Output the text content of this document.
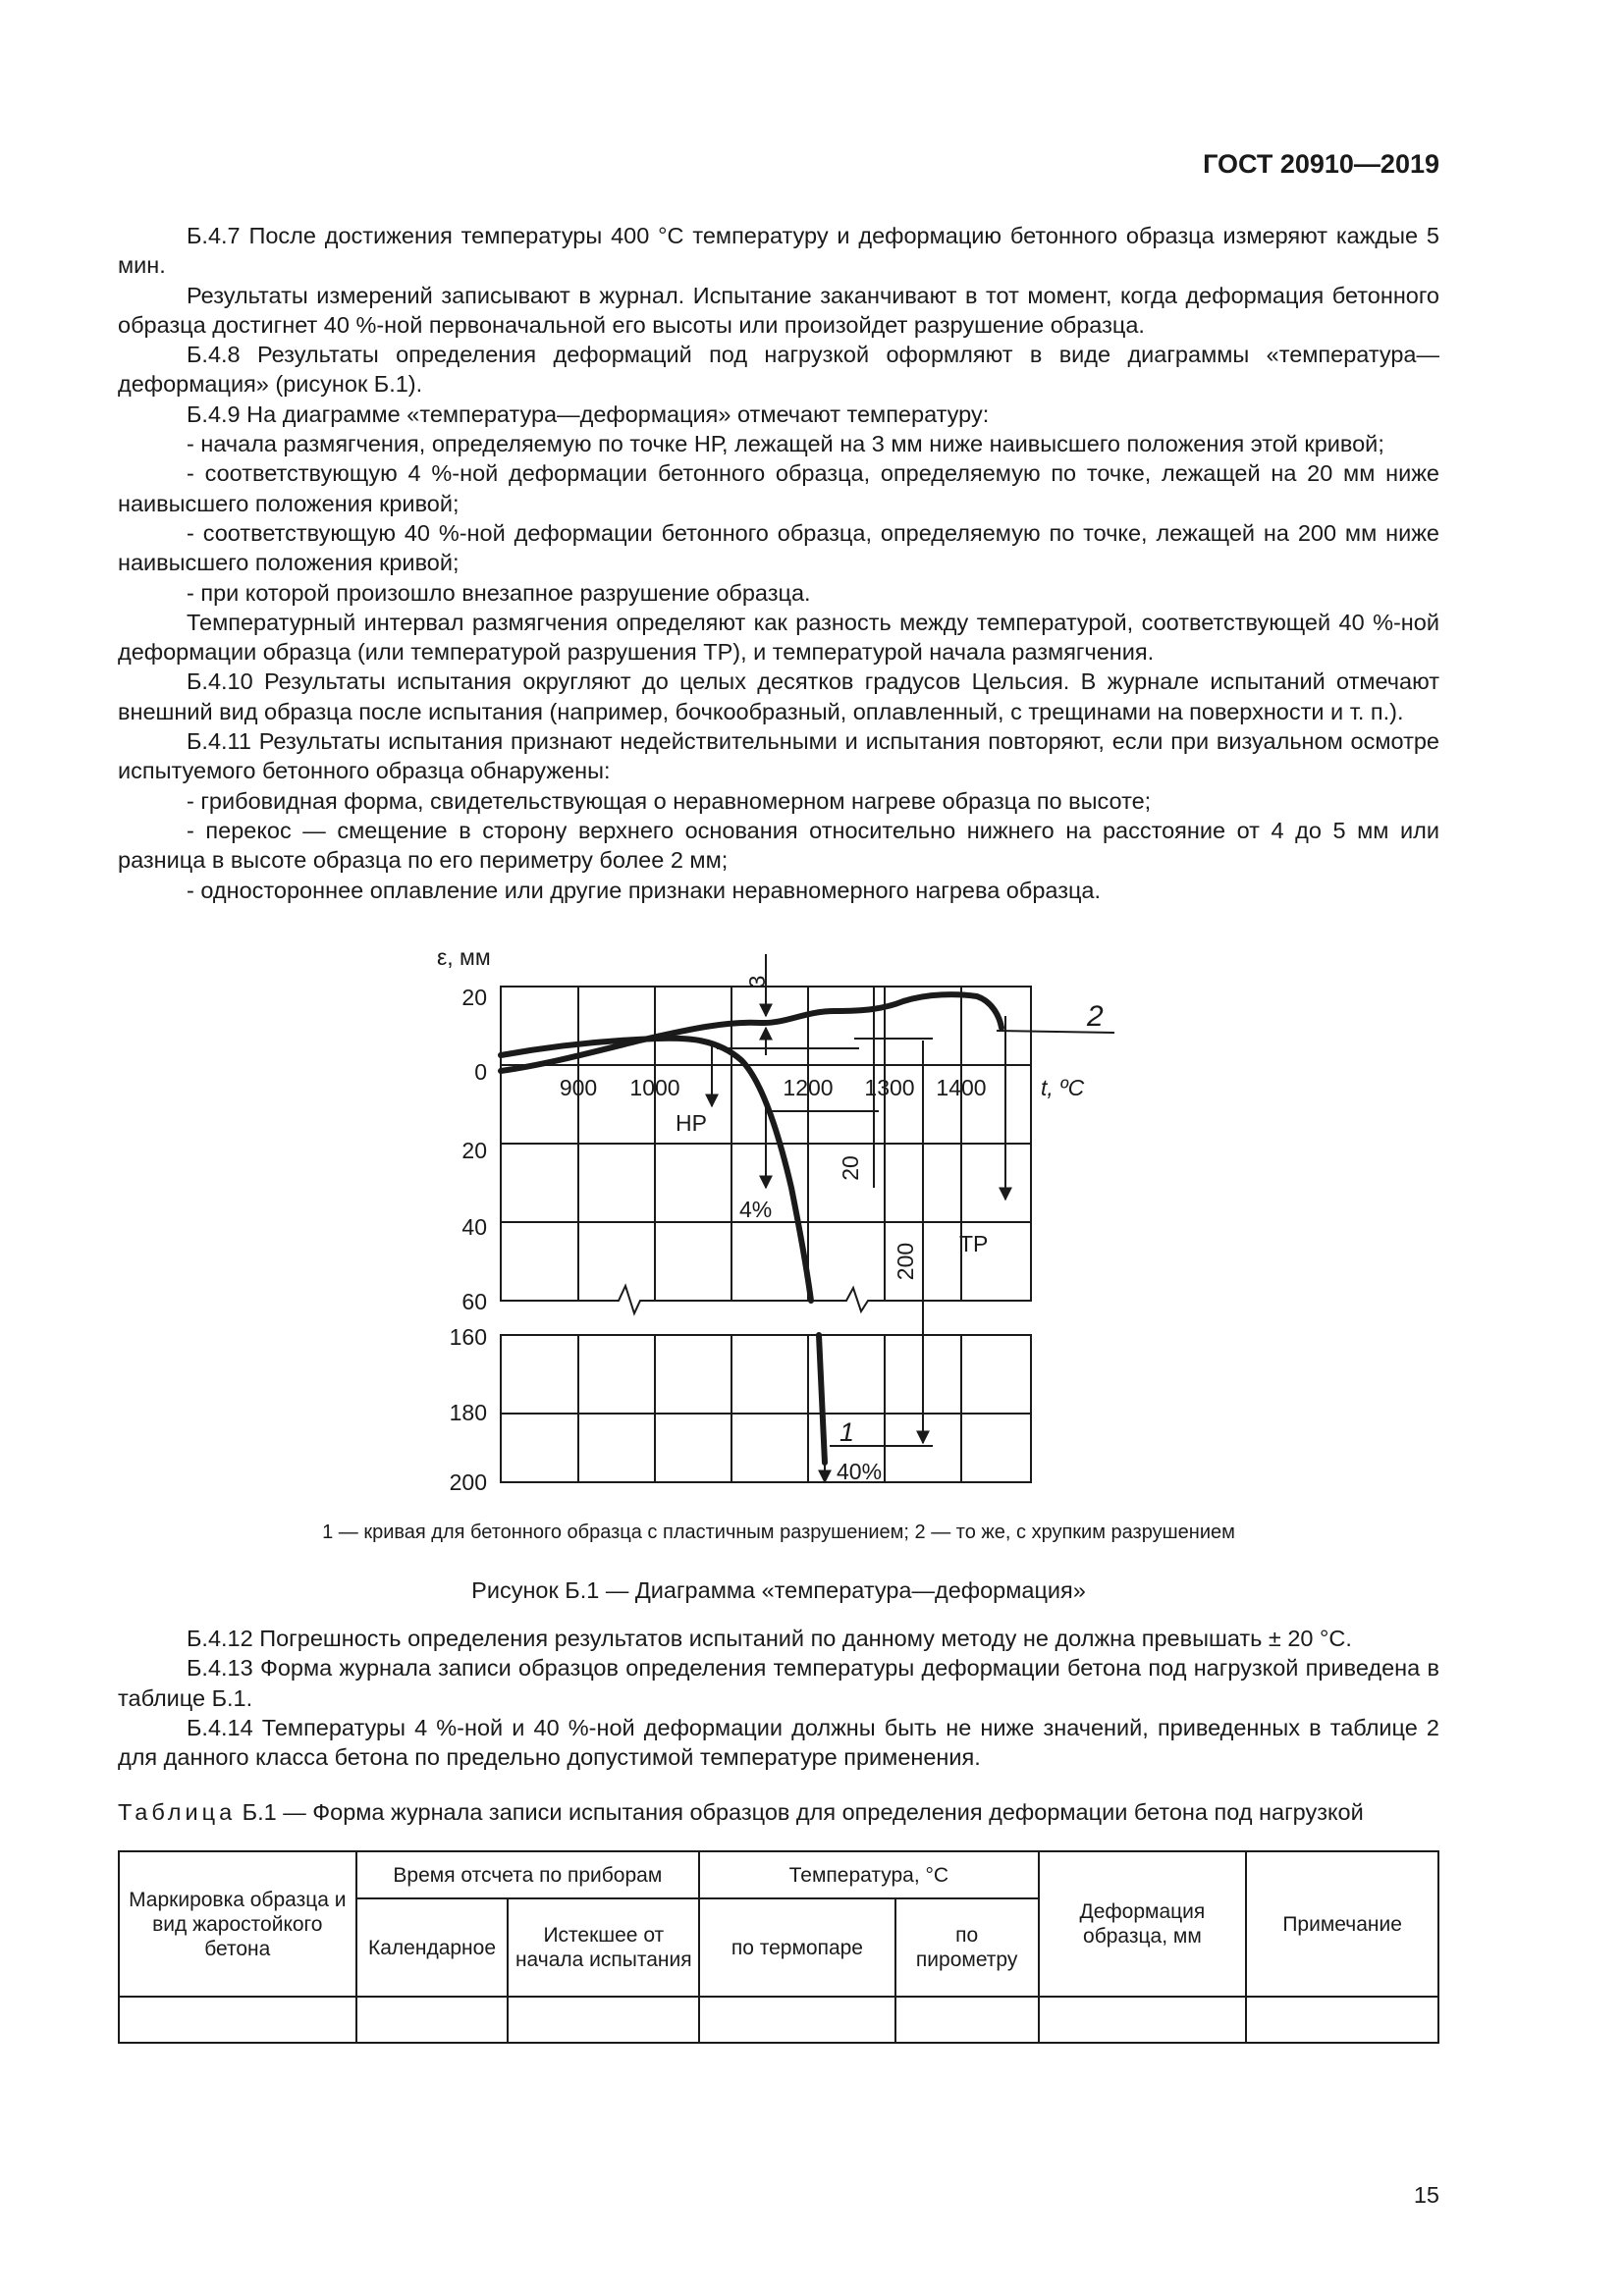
ГОСТ 20910—2019

Б.4.7 После достижения температуры 400 °С температуру и деформацию бетонного образца измеряют каждые 5 мин.

Результаты измерений записывают в журнал. Испытание заканчивают в тот момент, когда деформация бетонного образца достигнет 40 %-ной первоначальной его высоты или произойдет разрушение образца.

Б.4.8 Результаты определения деформаций под нагрузкой оформляют в виде диаграммы «температура—деформация» (рисунок Б.1).

Б.4.9 На диаграмме «температура—деформация» отмечают температуру:

- начала размягчения, определяемую по точке НР, лежащей на 3 мм ниже наивысшего положения этой кривой;

- соответствующую 4 %-ной деформации бетонного образца, определяемую по точке, лежащей на 20 мм ниже наивысшего положения кривой;

- соответствующую 40 %-ной деформации бетонного образца, определяемую по точке, лежащей на 200 мм ниже наивысшего положения кривой;

- при которой произошло внезапное разрушение образца.

Температурный интервал размягчения определяют как разность между температурой, соответствующей 40 %-ной деформации образца (или температурой разрушения ТР), и температурой начала размягчения.

Б.4.10 Результаты испытания округляют до целых десятков градусов Цельсия. В журнале испытаний отмечают внешний вид образца после испытания (например, бочкообразный, оплавленный, с трещинами на поверхности и т. п.).

Б.4.11 Результаты испытания признают недействительными и испытания повторяют, если при визуальном осмотре испытуемого бетонного образца обнаружены:

- грибовидная форма, свидетельствующая о неравномерном нагреве образца по высоте;

- перекос — смещение в сторону верхнего основания относительно нижнего на расстояние от 4 до 5 мм или разница в высоте образца по его периметру более 2 мм;

- одностороннее оплавление или другие признаки неравномерного нагрева образца.

ε, мм
20
0
20
40
60
160
180
200
900 1000	1200 1300 1400 t, ºС
НР
ТР
4%
40%
3
20
200
1
2
1 — кривая для бетонного образца с пластичным разрушением; 2 — то же, с хрупким разрушением
Рисунок Б.1 — Диаграмма «температура—деформация»

Б.4.12 Погрешность определения результатов испытаний по данному методу не должна превышать ± 20 °С.

Б.4.13 Форма журнала записи образцов определения температуры деформации бетона под нагрузкой приведена в таблице Б.1.

Б.4.14 Температуры 4 %-ной и 40 %-ной деформации должны быть не ниже значений, приведенных в таблице 2 для данного класса бетона по предельно допустимой температуре применения.

Таблица Б.1 — Форма журнала записи испытания образцов для определения деформации бетона под нагрузкой
Маркировка образца и вид жаростойкого бетона	Время отсчета по приборам		Температура, °С		Деформация образца, мм	Примечание
	Календарное	Истекшее от начала испытания	по термопаре	по пирометру		

15
